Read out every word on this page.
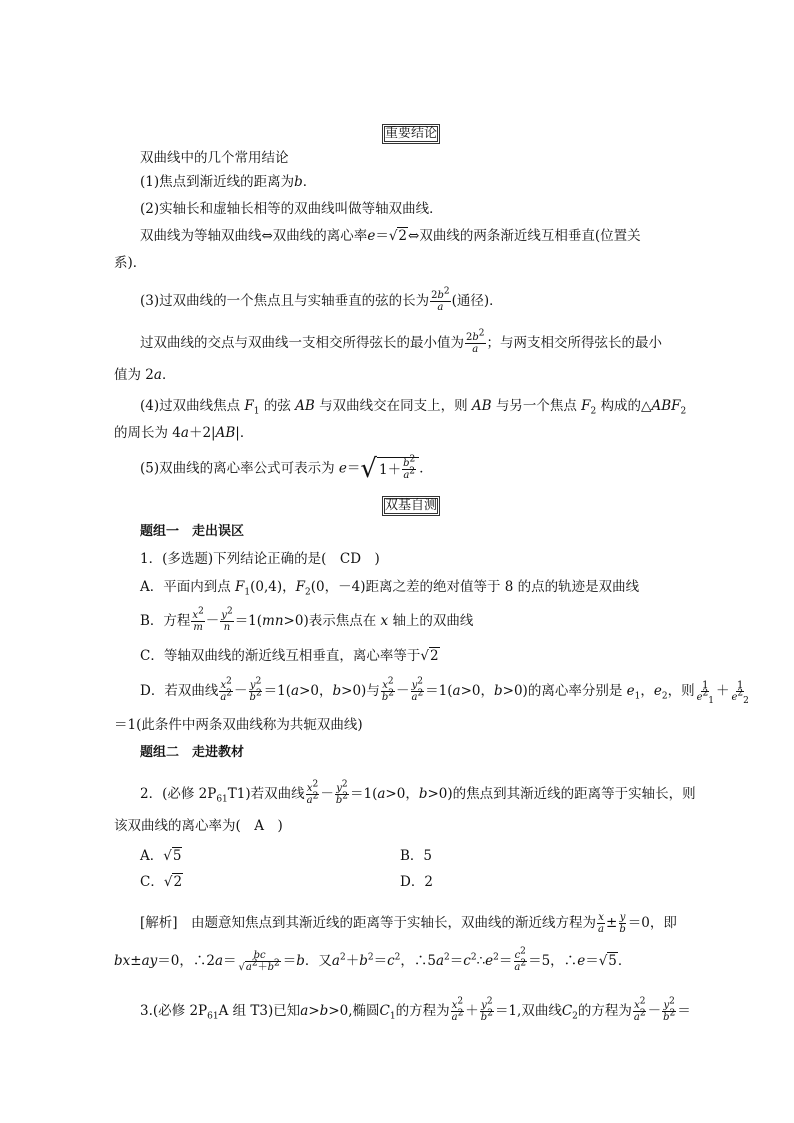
重要结论
双曲线中的几个常用结论
(1)焦点到渐近线的距离为b．
(2)实轴长和虚轴长相等的双曲线叫做等轴双曲线．
双曲线为等轴双曲线⇔双曲线的离心率e＝√2⇔双曲线的两条渐近线互相垂直(位置关
系)．
(3)过双曲线的一个焦点且与实轴垂直的弦的长为 $\frac{2b^2}{a}$ (通径)．
过双曲线的交点与双曲线一支相交所得弦长的最小值为 $\frac{2b^2}{a}$ ；与两支相交所得弦长的最小
值为 2a．
(4)过双曲线焦点 $F_1$ 的弦 AB 与双曲线交在同支上，则 AB 与另一个焦点 $F_2$ 构成的$\triangle ABF_2$
的周长为 4a＋2|AB|．
(5)双曲线的离心率公式可表示为 e＝ √ $1+ \frac{b^2}{a^2}$ ．
双基自测
题组一　走出误区
1．(多选题)下列结论正确的是(　CD　)
A．平面内到点 $F_1(0,4)$，$F_2(0$，－4)距离之差的绝对值等于 8 的点的轨迹是双曲线
B．方程 $\frac{x^2}{m} - \frac{y^2}{n} =1(mn>0)$表示焦点在 x 轴上的双曲线
C．等轴双曲线的渐近线互相垂直，离心率等于√2
D．若双曲线 $\frac{x^2}{a^2} - \frac{y^2}{b^2} =1(a>0$，b>0)与 $\frac{x^2}{b^2} - \frac{y^2}{a^2} =1(a>0$，b>0)的离心率分别是 $e_1$，$e_2$，则 $\frac{1}{e^2_1} + \frac{1}{e^2_2}$
＝1(此条件中两条双曲线称为共轭双曲线)
题组二　走进教材
2．(必修 $2P_{61}T1$)若双曲线 $\frac{x^2}{a^2} - \frac{y^2}{b^2} =1(a>0$，b>0)的焦点到其渐近线的距离等于实轴长，则
该双曲线的离心率为(　A　)
A．√5	B．5
C．√2	D．2
[解析]　由题意知焦点到其渐近线的距离等于实轴长，双曲线的渐近线方程为 $\frac{x}{a} \pm \frac{y}{b} =0$，即
bx±ay＝0，∴2a＝ $\frac{bc}{√a^2+b^2} =b$．又$a^2+b^2=c^2$，$\therefore 5a^2=c^2\therefore e^2= \frac{c^2}{a^2} =5$，∴e＝√5．
3.(必修 $2P_{61}A$ 组 T3)已知a>b>0,椭圆$C_1$的方程为 $\frac{x^2}{a^2} + \frac{y^2}{b^2} =1$,双曲线$C_2$的方程为 $\frac{x^2}{a^2} - \frac{y^2}{b^2}$ ＝
